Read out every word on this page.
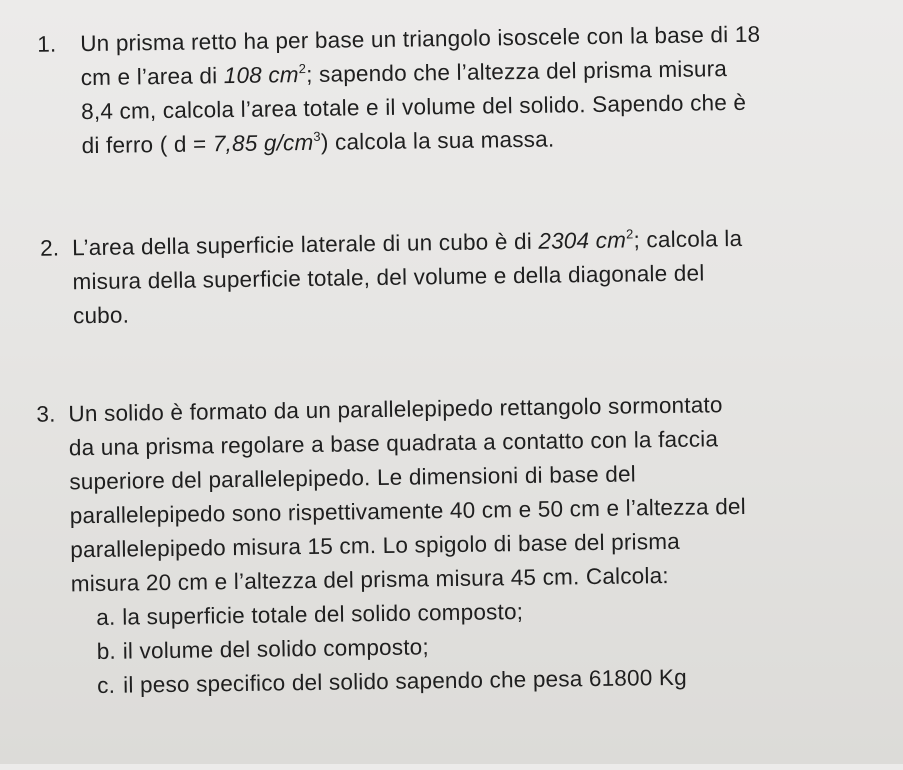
1. Un prisma retto ha per base un triangolo isoscele con la base di 18
cm e l’area di 108 $cm^2$; sapendo che l’altezza del prisma misura
8,4 cm, calcola l’area totale e il volume del solido. Sapendo che è
di ferro ( d = 7,85 $g/cm^3$) calcola la sua massa.
2. L’area della superficie laterale di un cubo è di 2304 $cm^2$; calcola la
misura della superficie totale, del volume e della diagonale del
cubo.
3. Un solido è formato da un parallelepipedo rettangolo sormontato
da una prisma regolare a base quadrata a contatto con la faccia
superiore del parallelepipedo. Le dimensioni di base del
parallelepipedo sono rispettivamente 40 cm e 50 cm e l’altezza del
parallelepipedo misura 15 cm. Lo spigolo di base del prisma
misura 20 cm e l’altezza del prisma misura 45 cm. Calcola:
a. la superficie totale del solido composto;
b. il volume del solido composto;
c. il peso specifico del solido sapendo che pesa 61800 Kg
